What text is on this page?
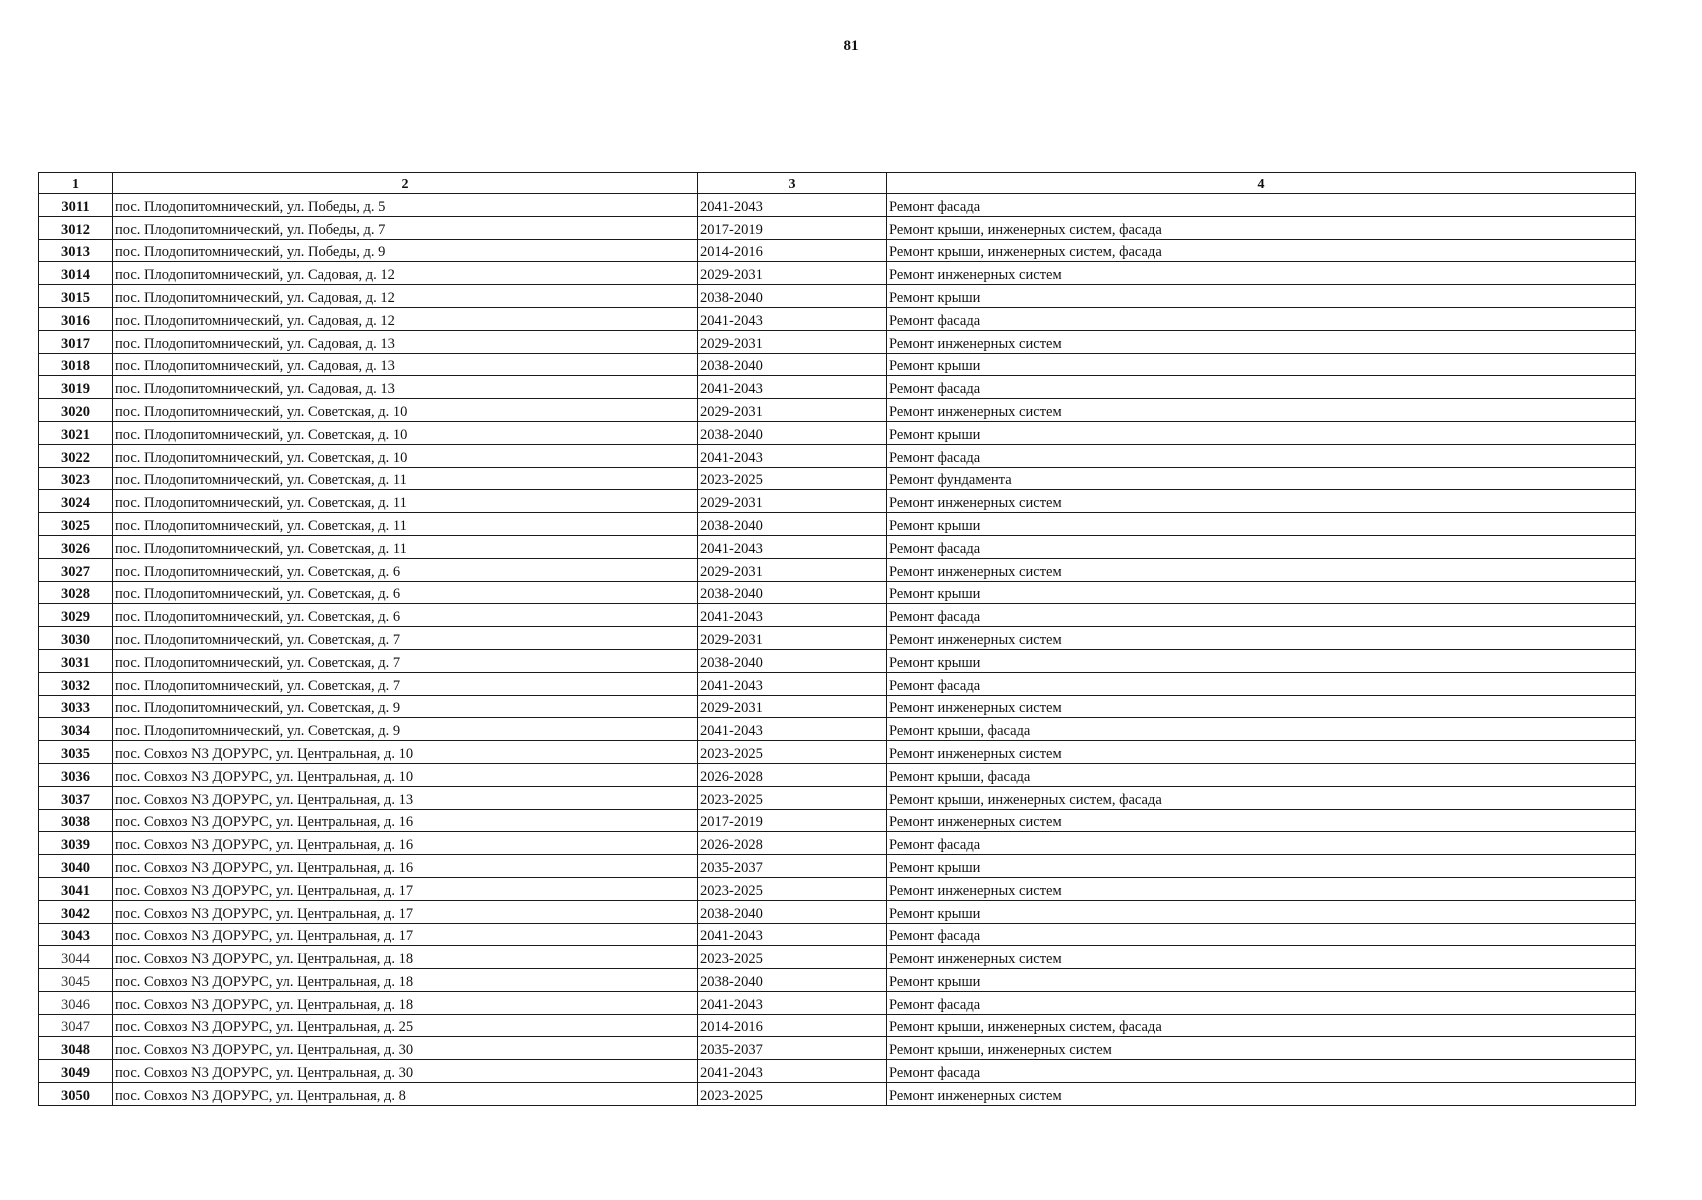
81
1	2	3	4
3011	пос. Плодопитомнический, ул. Победы, д. 5	2041-2043	Ремонт фасада
3012	пос. Плодопитомнический, ул. Победы, д. 7	2017-2019	Ремонт крыши, инженерных систем, фасада
3013	пос. Плодопитомнический, ул. Победы, д. 9	2014-2016	Ремонт крыши, инженерных систем, фасада
3014	пос. Плодопитомнический, ул. Садовая, д. 12	2029-2031	Ремонт инженерных систем
3015	пос. Плодопитомнический, ул. Садовая, д. 12	2038-2040	Ремонт крыши
3016	пос. Плодопитомнический, ул. Садовая, д. 12	2041-2043	Ремонт фасада
3017	пос. Плодопитомнический, ул. Садовая, д. 13	2029-2031	Ремонт инженерных систем
3018	пос. Плодопитомнический, ул. Садовая, д. 13	2038-2040	Ремонт крыши
3019	пос. Плодопитомнический, ул. Садовая, д. 13	2041-2043	Ремонт фасада
3020	пос. Плодопитомнический, ул. Советская, д. 10	2029-2031	Ремонт инженерных систем
3021	пос. Плодопитомнический, ул. Советская, д. 10	2038-2040	Ремонт крыши
3022	пос. Плодопитомнический, ул. Советская, д. 10	2041-2043	Ремонт фасада
3023	пос. Плодопитомнический, ул. Советская, д. 11	2023-2025	Ремонт фундамента
3024	пос. Плодопитомнический, ул. Советская, д. 11	2029-2031	Ремонт инженерных систем
3025	пос. Плодопитомнический, ул. Советская, д. 11	2038-2040	Ремонт крыши
3026	пос. Плодопитомнический, ул. Советская, д. 11	2041-2043	Ремонт фасада
3027	пос. Плодопитомнический, ул. Советская, д. 6	2029-2031	Ремонт инженерных систем
3028	пос. Плодопитомнический, ул. Советская, д. 6	2038-2040	Ремонт крыши
3029	пос. Плодопитомнический, ул. Советская, д. 6	2041-2043	Ремонт фасада
3030	пос. Плодопитомнический, ул. Советская, д. 7	2029-2031	Ремонт инженерных систем
3031	пос. Плодопитомнический, ул. Советская, д. 7	2038-2040	Ремонт крыши
3032	пос. Плодопитомнический, ул. Советская, д. 7	2041-2043	Ремонт фасада
3033	пос. Плодопитомнический, ул. Советская, д. 9	2029-2031	Ремонт инженерных систем
3034	пос. Плодопитомнический, ул. Советская, д. 9	2041-2043	Ремонт крыши, фасада
3035	пос. Совхоз N3 ДОРУРС, ул. Центральная, д. 10	2023-2025	Ремонт инженерных систем
3036	пос. Совхоз N3 ДОРУРС, ул. Центральная, д. 10	2026-2028	Ремонт крыши, фасада
3037	пос. Совхоз N3 ДОРУРС, ул. Центральная, д. 13	2023-2025	Ремонт крыши, инженерных систем, фасада
3038	пос. Совхоз N3 ДОРУРС, ул. Центральная, д. 16	2017-2019	Ремонт инженерных систем
3039	пос. Совхоз N3 ДОРУРС, ул. Центральная, д. 16	2026-2028	Ремонт фасада
3040	пос. Совхоз N3 ДОРУРС, ул. Центральная, д. 16	2035-2037	Ремонт крыши
3041	пос. Совхоз N3 ДОРУРС, ул. Центральная, д. 17	2023-2025	Ремонт инженерных систем
3042	пос. Совхоз N3 ДОРУРС, ул. Центральная, д. 17	2038-2040	Ремонт крыши
3043	пос. Совхоз N3 ДОРУРС, ул. Центральная, д. 17	2041-2043	Ремонт фасада
3044	пос. Совхоз N3 ДОРУРС, ул. Центральная, д. 18	2023-2025	Ремонт инженерных систем
3045	пос. Совхоз N3 ДОРУРС, ул. Центральная, д. 18	2038-2040	Ремонт крыши
3046	пос. Совхоз N3 ДОРУРС, ул. Центральная, д. 18	2041-2043	Ремонт фасада
3047	пос. Совхоз N3 ДОРУРС, ул. Центральная, д. 25	2014-2016	Ремонт крыши, инженерных систем, фасада
3048	пос. Совхоз N3 ДОРУРС, ул. Центральная, д. 30	2035-2037	Ремонт крыши, инженерных систем
3049	пос. Совхоз N3 ДОРУРС, ул. Центральная, д. 30	2041-2043	Ремонт фасада
3050	пос. Совхоз N3 ДОРУРС, ул. Центральная, д. 8	2023-2025	Ремонт инженерных систем
